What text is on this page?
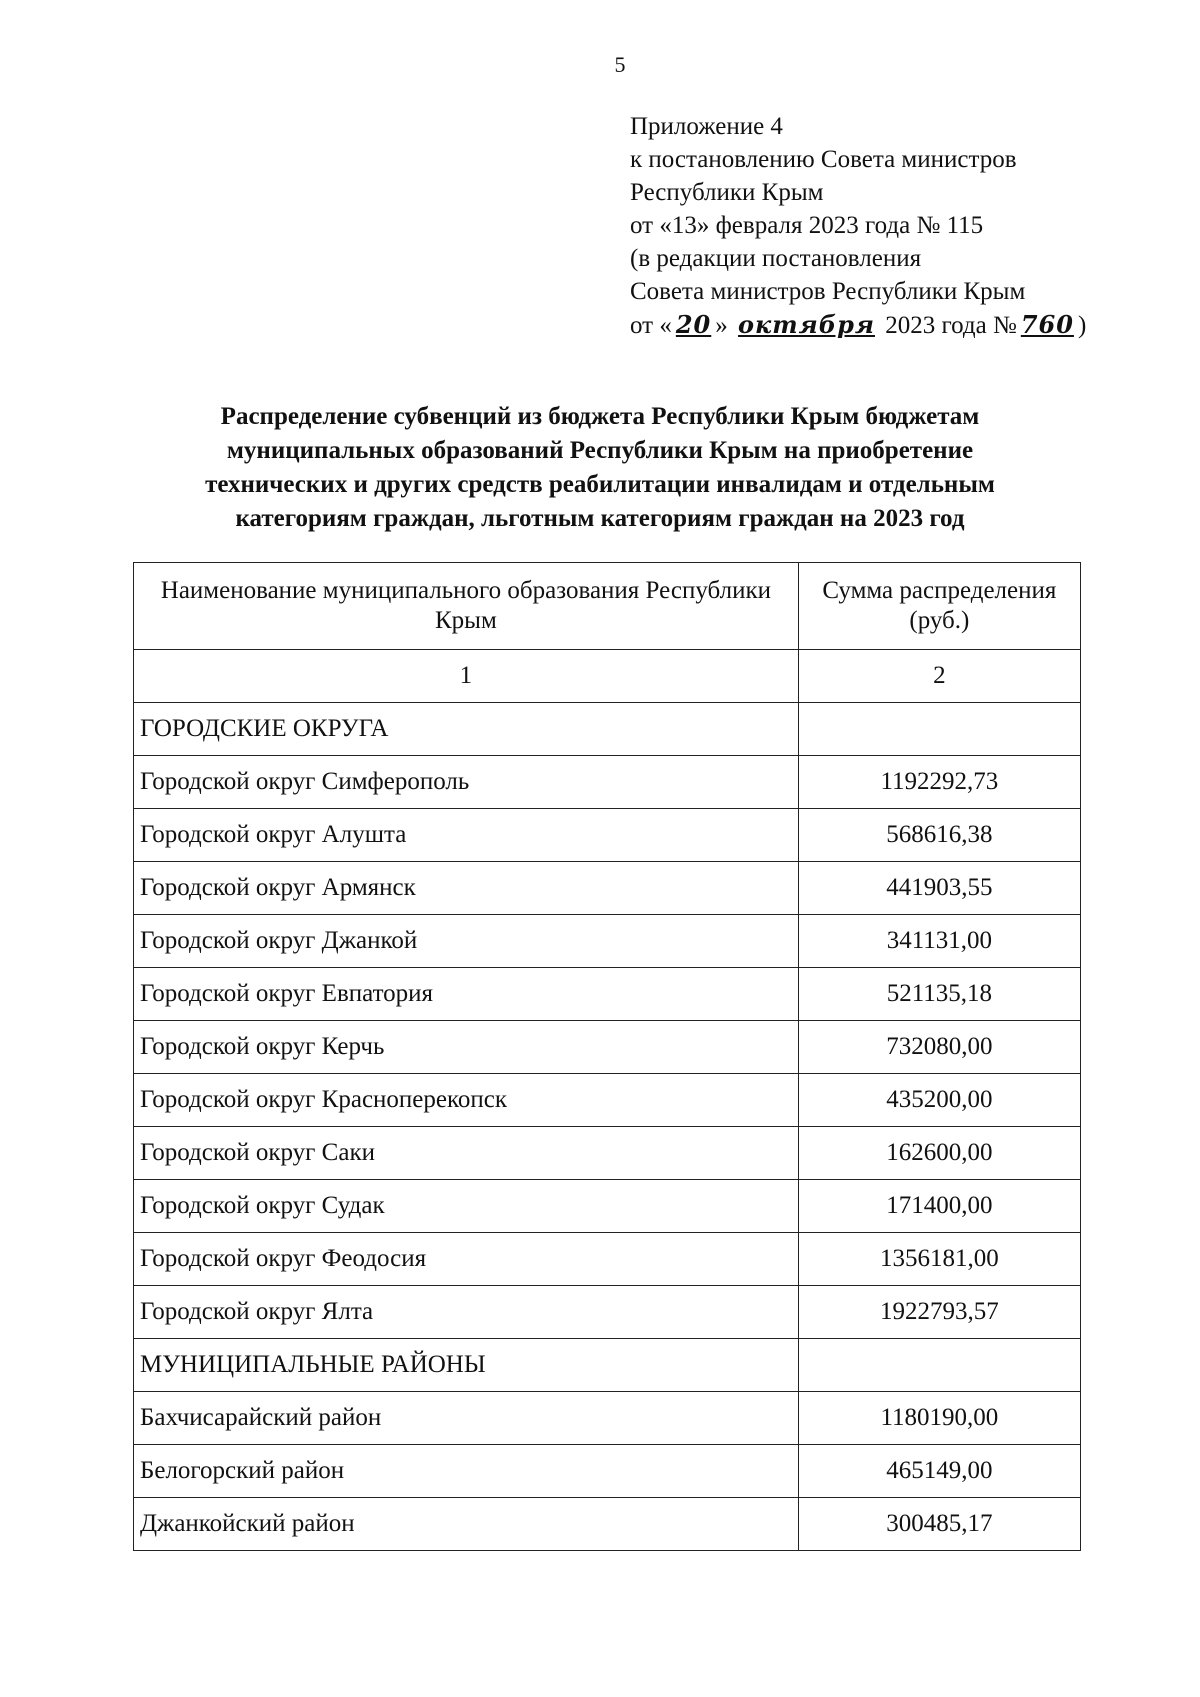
5
Приложение 4
к постановлению Совета министров
Республики Крым
от «13» февраля 2023 года № 115
(в редакции постановления
Совета министров Республики Крым
от « 20 » октября 2023 года № 760 )
Распределение субвенций из бюджета Республики Крым бюджетам
муниципальных образований Республики Крым на приобретение
технических и других средств реабилитации инвалидам и отдельным
категориям граждан, льготным категориям граждан на 2023 год
Наименование муниципального образования Республики Крым	Сумма распределения (руб.)
1	2
ГОРОДСКИЕ ОКРУГА	
Городской округ Симферополь	1192292,73
Городской округ Алушта	568616,38
Городской округ Армянск	441903,55
Городской округ Джанкой	341131,00
Городской округ Евпатория	521135,18
Городской округ Керчь	732080,00
Городской округ Красноперекопск	435200,00
Городской округ Саки	162600,00
Городской округ Судак	171400,00
Городской округ Феодосия	1356181,00
Городской округ Ялта	1922793,57
МУНИЦИПАЛЬНЫЕ РАЙОНЫ	
Бахчисарайский район	1180190,00
Белогорский район	465149,00
Джанкойский район	300485,17
